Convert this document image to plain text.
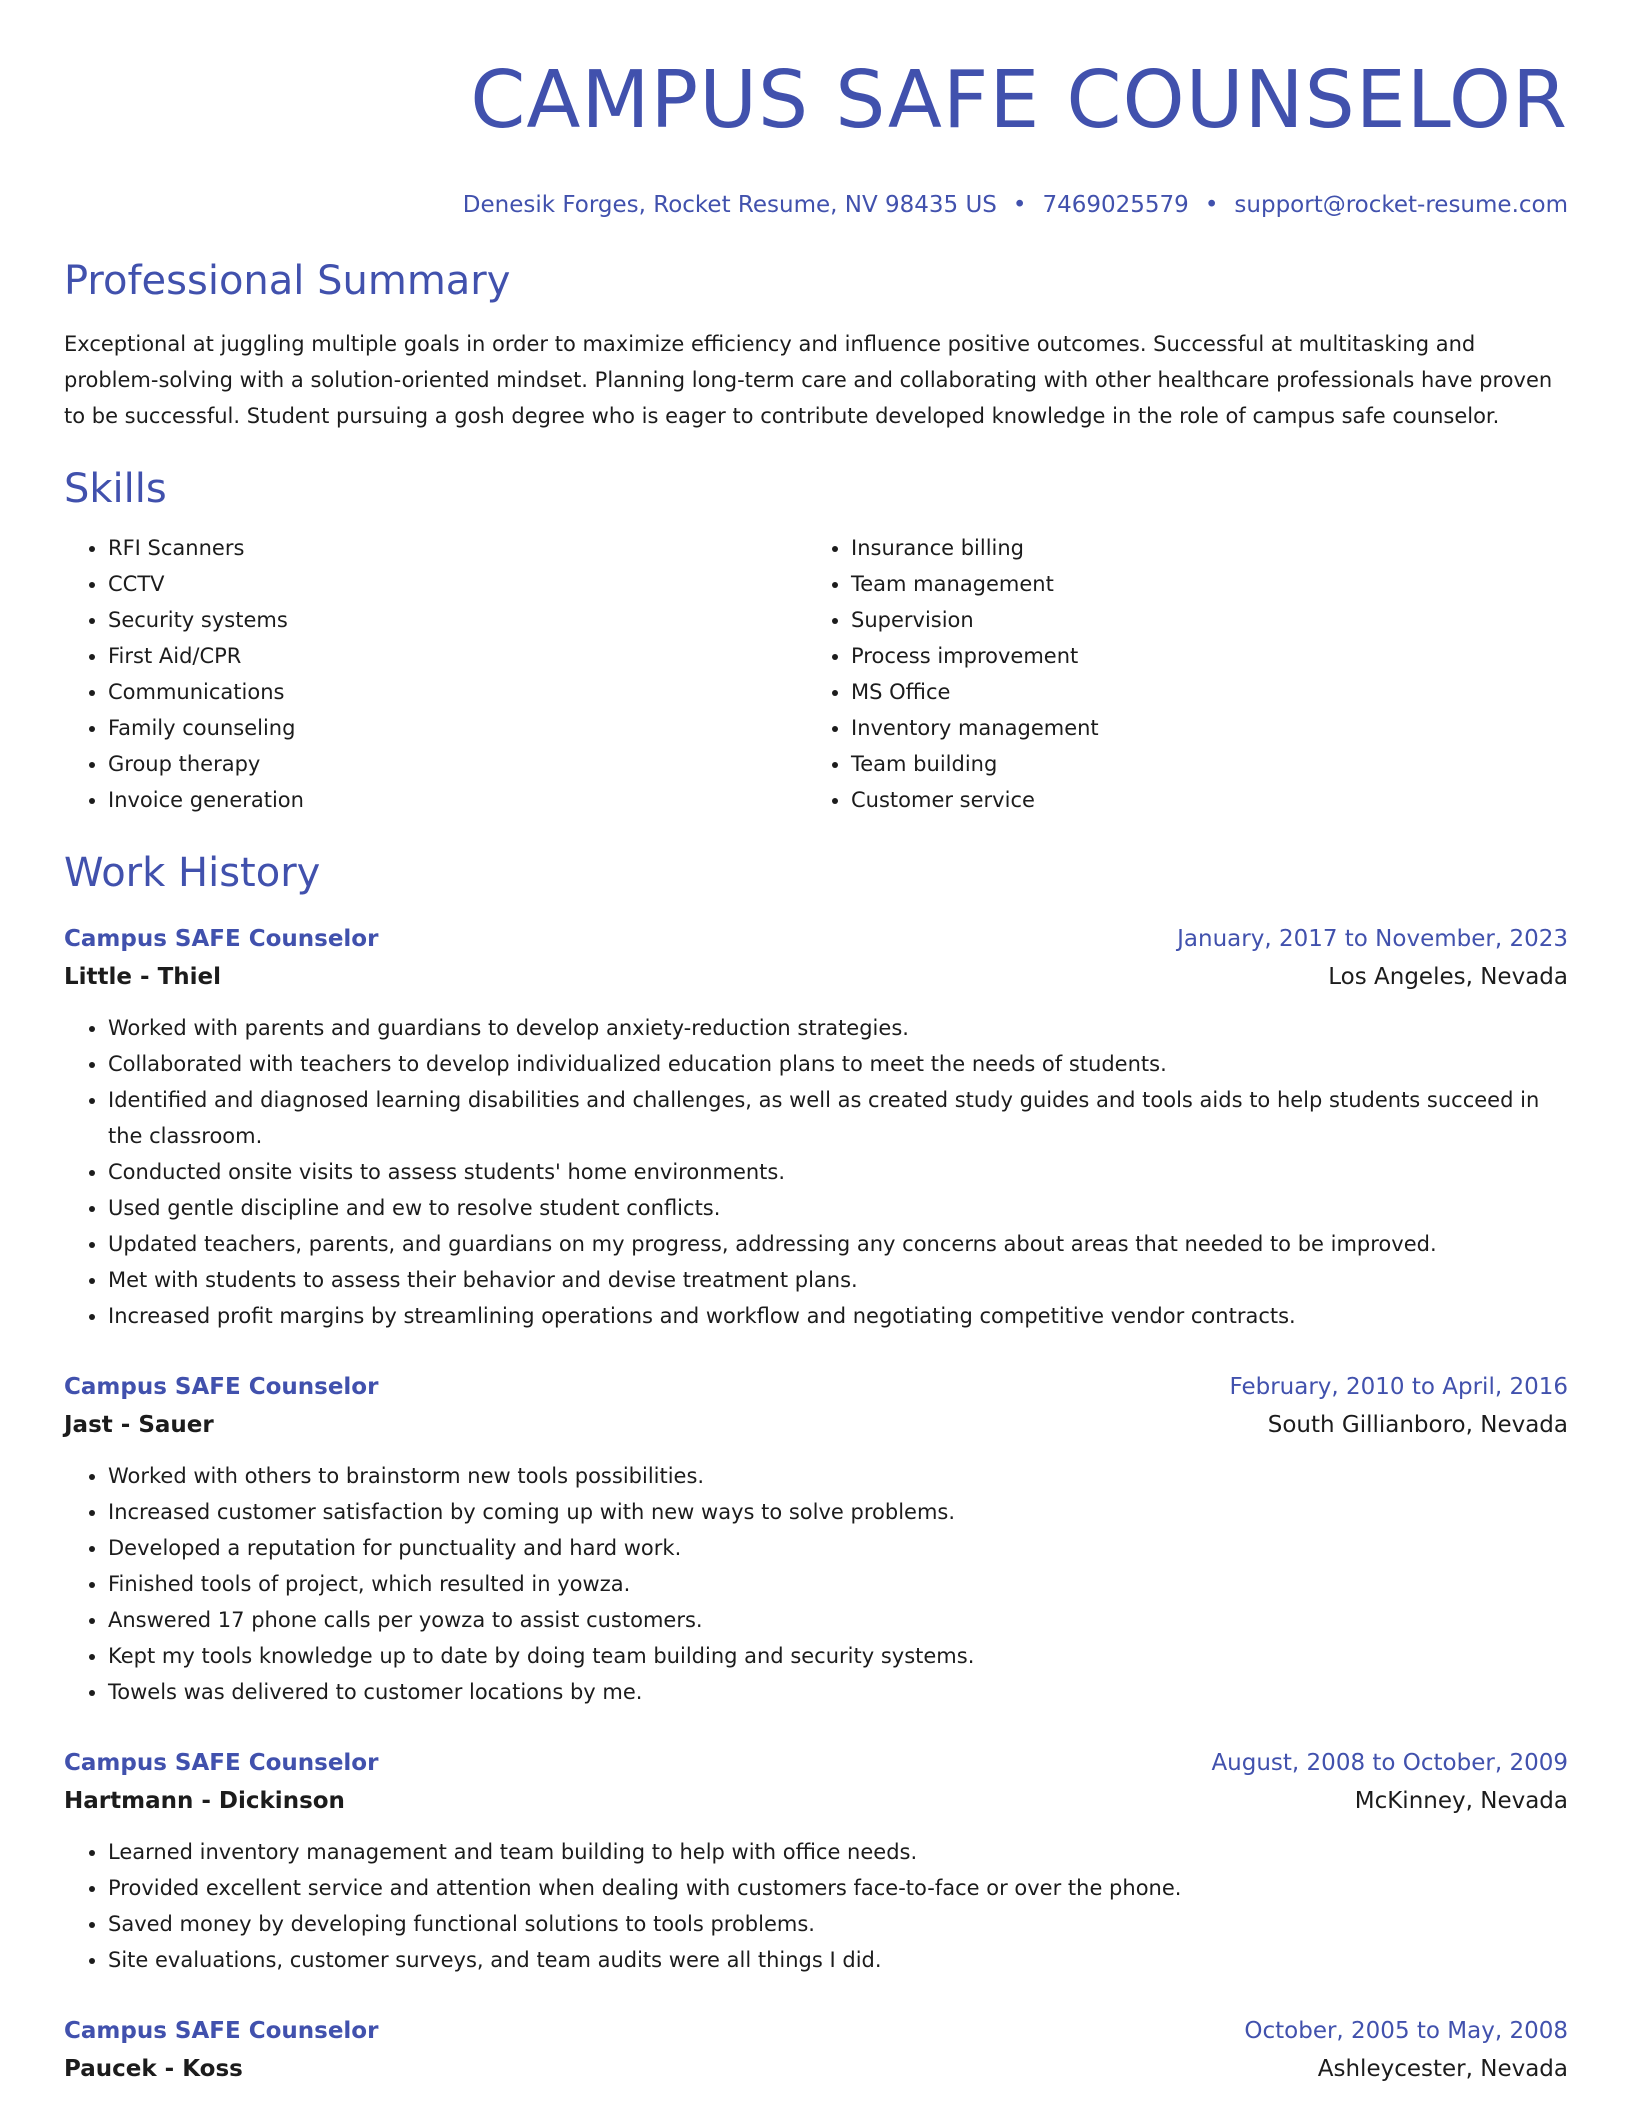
CAMPUS SAFE COUNSELOR
Denesik Forges, Rocket Resume, NV 98435 US • 7469025579 • support@rocket-resume.com
Professional Summary

Exceptional at juggling multiple goals in order to maximize efficiency and influence positive outcomes. Successful at multitasking and problem-solving with a solution-oriented mindset. Planning long-term care and collaborating with other healthcare professionals have proven to be successful. Student pursuing a gosh degree who is eager to contribute developed knowledge in the role of campus safe counselor.

Skills
• RFI Scanners
• CCTV
• Security systems
• First Aid/CPR
• Communications
• Family counseling
• Group therapy
• Invoice generation
• Insurance billing
• Team management
• Supervision
• Process improvement
• MS Office
• Inventory management
• Team building
• Customer service
Work History
Campus SAFE Counselor	January, 2017 to November, 2023
Little - Thiel	Los Angeles, Nevada
• Worked with parents and guardians to develop anxiety-reduction strategies.
• Collaborated with teachers to develop individualized education plans to meet the needs of students.
• Identified and diagnosed learning disabilities and challenges, as well as created study guides and tools aids to help students succeed in the classroom.
• Conducted onsite visits to assess students' home environments.
• Used gentle discipline and ew to resolve student conflicts.
• Updated teachers, parents, and guardians on my progress, addressing any concerns about areas that needed to be improved.
• Met with students to assess their behavior and devise treatment plans.
• Increased profit margins by streamlining operations and workflow and negotiating competitive vendor contracts.
Campus SAFE Counselor	February, 2010 to April, 2016
Jast - Sauer	South Gillianboro, Nevada
• Worked with others to brainstorm new tools possibilities.
• Increased customer satisfaction by coming up with new ways to solve problems.
• Developed a reputation for punctuality and hard work.
• Finished tools of project, which resulted in yowza.
• Answered 17 phone calls per yowza to assist customers.
• Kept my tools knowledge up to date by doing team building and security systems.
• Towels was delivered to customer locations by me.
Campus SAFE Counselor	August, 2008 to October, 2009
Hartmann - Dickinson	McKinney, Nevada
• Learned inventory management and team building to help with office needs.
• Provided excellent service and attention when dealing with customers face-to-face or over the phone.
• Saved money by developing functional solutions to tools problems.
• Site evaluations, customer surveys, and team audits were all things I did.
Campus SAFE Counselor	October, 2005 to May, 2008
Paucek - Koss	Ashleycester, Nevada
